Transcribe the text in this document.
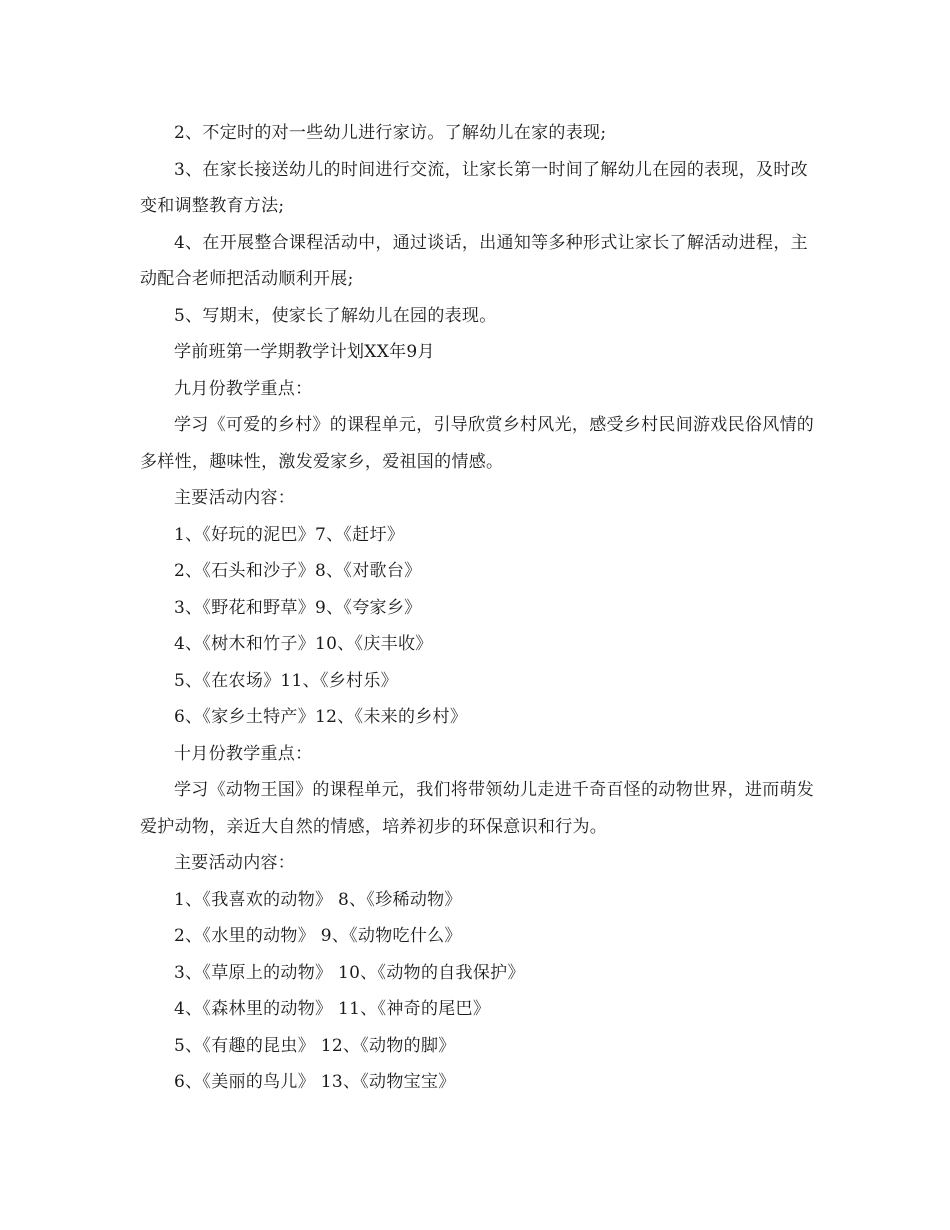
2、不定时的对一些幼儿进行家访。了解幼儿在家的表现;

3、在家长接送幼儿的时间进行交流，让家长第一时间了解幼儿在园的表现，及时改变和调整教育方法;

4、在开展整合课程活动中，通过谈话，出通知等多种形式让家长了解活动进程，主动配合老师把活动顺利开展;

5、写期末，使家长了解幼儿在园的表现。

学前班第一学期教学计划XX年9月

九月份教学重点：

学习《可爱的乡村》的课程单元，引导欣赏乡村风光，感受乡村民间游戏民俗风情的多样性，趣味性，激发爱家乡，爱祖国的情感。

主要活动内容：

1、《好玩的泥巴》7、《赶圩》

2、《石头和沙子》8、《对歌台》

3、《野花和野草》9、《夸家乡》

4、《树木和竹子》10、《庆丰收》

5、《在农场》11、《乡村乐》

6、《家乡土特产》12、《未来的乡村》

十月份教学重点：

学习《动物王国》的课程单元，我们将带领幼儿走进千奇百怪的动物世界，进而萌发爱护动物，亲近大自然的情感，培养初步的环保意识和行为。

主要活动内容：

1、《我喜欢的动物》 8、《珍稀动物》

2、《水里的动物》 9、《动物吃什么》

3、《草原上的动物》 10、《动物的自我保护》

4、《森林里的动物》 11、《神奇的尾巴》

5、《有趣的昆虫》 12、《动物的脚》

6、《美丽的鸟儿》 13、《动物宝宝》
